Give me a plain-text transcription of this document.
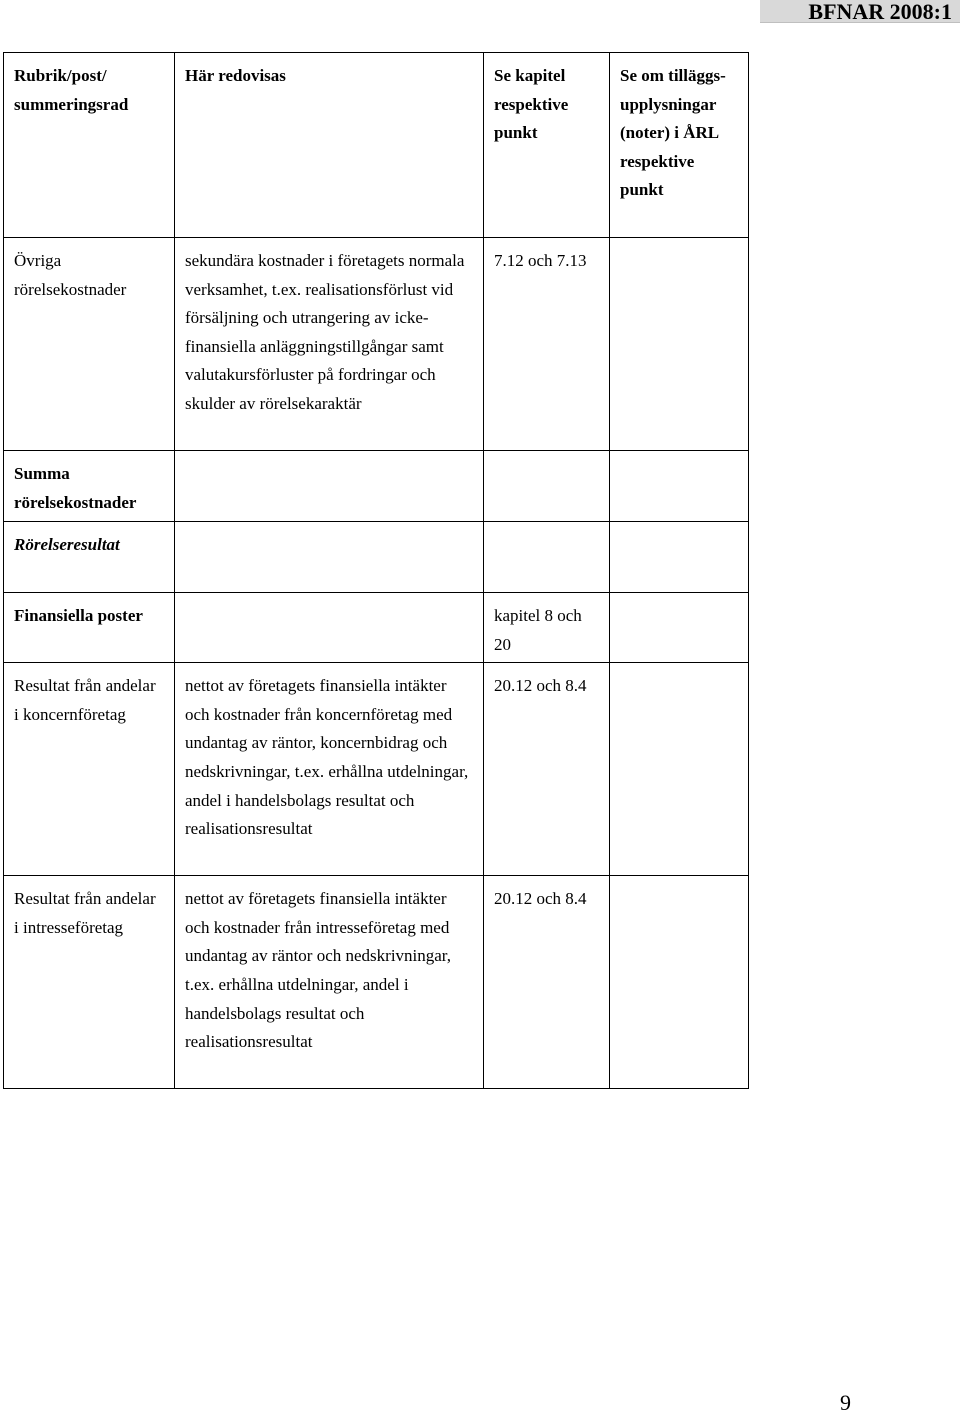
BFNAR 2008:1
Rubrik/post/ summeringsrad	Här redovisas	Se kapitel respektive punkt	Se om tilläggs-upplysningar (noter) i ÅRL respektive punkt

Övriga rörelsekostnader	sekundära kostnader i företagets normala verksamhet, t.ex. realisationsförlust vid försäljning och utrangering av icke-finansiella anläggningstillgångar samt valutakursförluster på fordringar och skulder av rörelsekaraktär	7.12 och 7.13	

Summa rörelsekostnader			

Rörelseresultat			

Finansiella poster		kapitel 8 och 20	

Resultat från andelar i koncernföretag	nettot av företagets finansiella intäkter och kostnader från koncernföretag med undantag av räntor, koncernbidrag och nedskrivningar, t.ex. erhållna utdelningar, andel i handelsbolags resultat och realisationsresultat	20.12 och 8.4	

Resultat från andelar i intresseföretag	nettot av företagets finansiella intäkter och kostnader från intresseföretag med undantag av räntor och nedskrivningar, t.ex. erhållna utdelningar, andel i handelsbolags resultat och realisationsresultat	20.12 och 8.4	

9
